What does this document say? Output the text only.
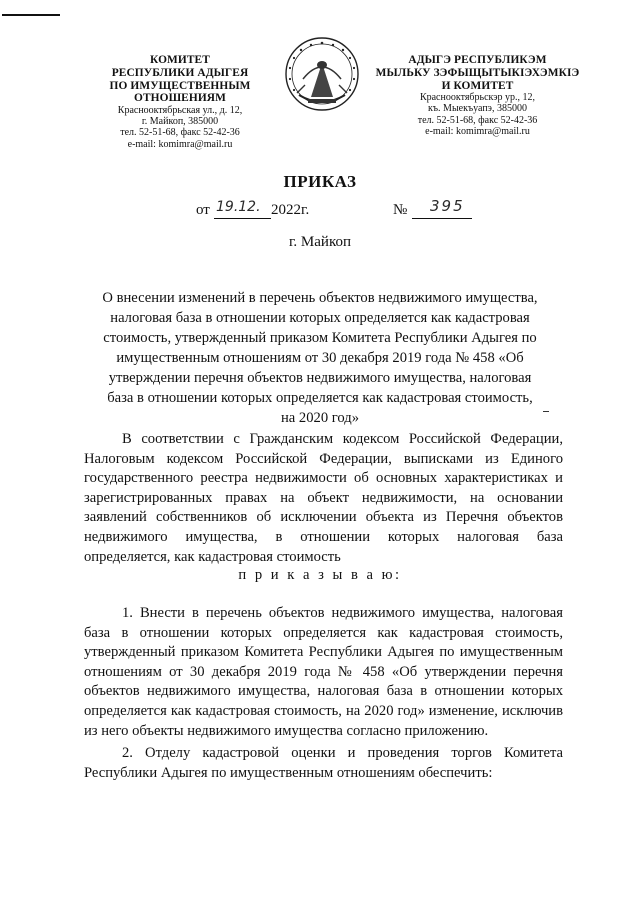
КОМИТЕТ
РЕСПУБЛИКИ АДЫГЕЯ
ПО ИМУЩЕСТВЕННЫМ ОТНОШЕНИЯМ
Краснооктябрьская ул., д. 12,
г. Майкоп, 385000
тел. 52-51-68, факс 52-42-36
e-mail: komimra@mail.ru
АДЫГЭ РЕСПУБЛИКЭМ
МЫЛЬКУ ЗЭФЫЩЫТЫКIЭХЭМКIЭ
И КОМИТЕТ
Краснооктябрьскэр ур., 12,
къ. Мыекъуапэ, 385000
тел. 52-51-68, факс 52-42-36
e-mail: komimra@mail.ru
ПРИКАЗ
от 19.12. 2022г.	№ 395
г. Майкоп
О внесении изменений в перечень объектов недвижимого имущества, налоговая база в отношении которых определяется как кадастровая стоимость, утвержденный приказом Комитета Республики Адыгея по имущественным отношениям от 30 декабря 2019 года № 458 «Об утверждении перечня объектов недвижимого имущества, налоговая база в отношении которых определяется как кадастровая стоимость, на 2020 год»
В соответствии с Гражданским кодексом Российской Федерации, Налоговым кодексом Российской Федерации, выписками из Единого государственного реестра недвижимости об основных характеристиках и зарегистрированных правах на объект недвижимости, на основании заявлений собственников об исключении объекта из Перечня объектов недвижимого имущества, в отношении которых налоговая база определяется, как кадастровая стоимость
п р и к а з ы в а ю:
1. Внести в перечень объектов недвижимого имущества, налоговая база в отношении которых определяется как кадастровая стоимость, утвержденный приказом Комитета Республики Адыгея по имущественным отношениям от 30 декабря 2019 года № 458 «Об утверждении перечня объектов недвижимого имущества, налоговая база в отношении которых определяется как кадастровая стоимость, на 2020 год» изменение, исключив из него объекты недвижимого имущества согласно приложению.
2. Отделу кадастровой оценки и проведения торгов Комитета Республики Адыгея по имущественным отношениям обеспечить:
